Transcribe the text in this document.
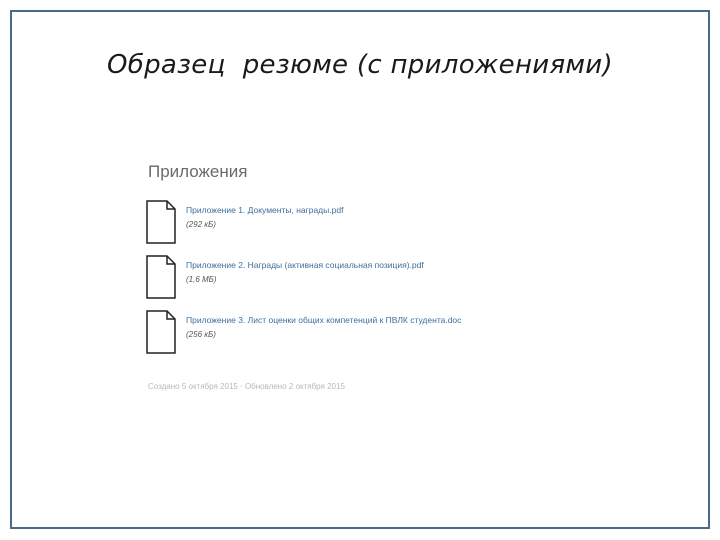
Образец  резюме (с приложениями)
Приложения
Приложение 1. Документы, награды.pdf
(292 кБ)
Приложение 2. Награды (активная социальная позиция).pdf
(1,6 МБ)
Приложение 3. Лист оценки общих компетенций к ПВЛК студента.doc
(256 кБ)
Создано 5 октября 2015 · Обновлено 2 октября 2015
